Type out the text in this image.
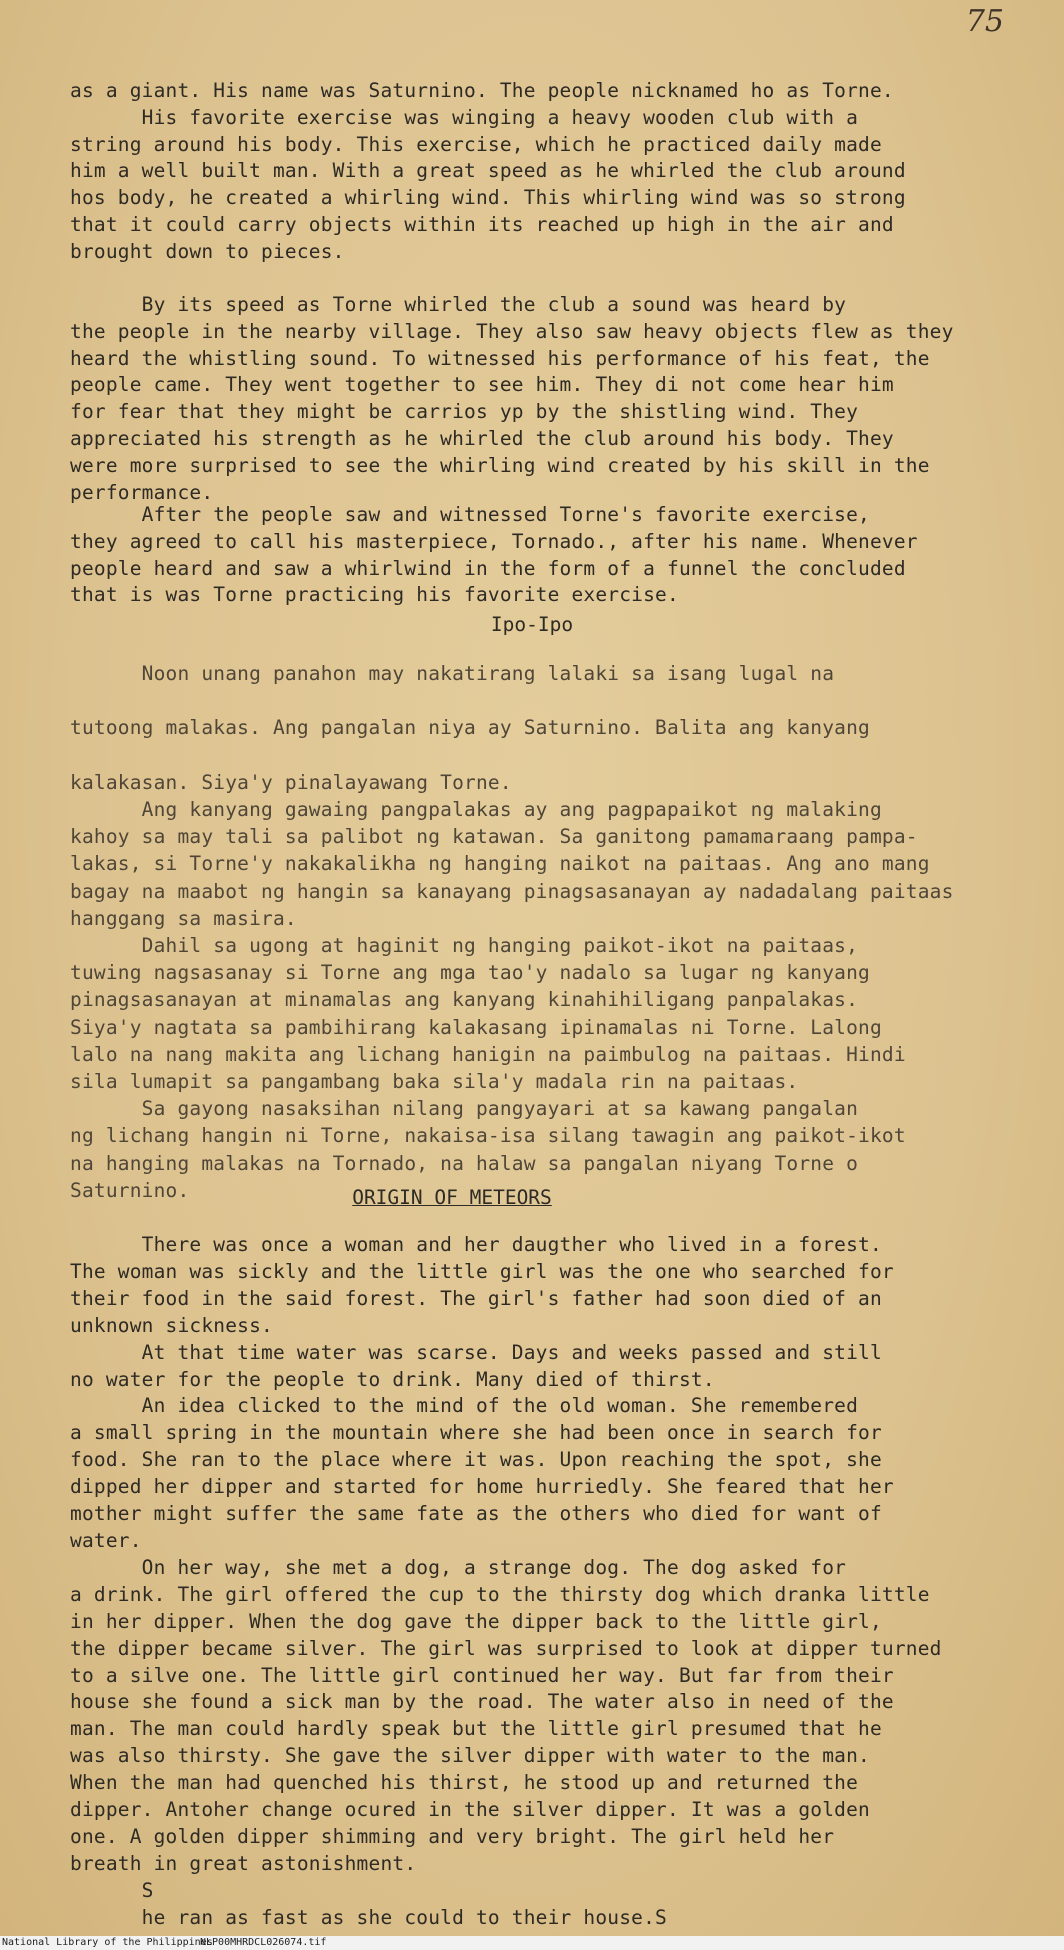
75
as a giant. His name was Saturnino. The people nicknamed ho as Torne.
His favorite exercise was winging a heavy wooden club with a
string around his body. This exercise, which he practiced daily made
him a well built man. With a great speed as he whirled the club around
hos body, he created a whirling wind. This whirling wind was so strong
that it could carry objects within its reached up high in the air and
brought down to pieces.
By its speed as Torne whirled the club a sound was heard by
the people in the nearby village. They also saw heavy objects flew as they
heard the whistling sound. To witnessed his performance of his feat, the
people came. They went together to see him. They di not come hear him
for fear that they might be carrios yp by the shistling wind. They
appreciated his strength as he whirled the club around his body. They
were more surprised to see the whirling wind created by his skill in the
performance.
After the people saw and witnessed Torne's favorite exercise,
they agreed to call his masterpiece, Tornado., after his name. Whenever
people heard and saw a whirlwind in the form of a funnel the concluded
that is was Torne practicing his favorite exercise.
Ipo-Ipo
Noon unang panahon may nakatirang lalaki sa isang lugal na

tutoong malakas. Ang pangalan niya ay Saturnino. Balita ang kanyang

kalakasan. Siya'y pinalayawang Torne.
Ang kanyang gawaing pangpalakas ay ang pagpapaikot ng malaking
kahoy sa may tali sa palibot ng katawan. Sa ganitong pamamaraang pampa-
lakas, si Torne'y nakakalikha ng hanging naikot na paitaas. Ang ano mang
bagay na maabot ng hangin sa kanayang pinagsasanayan ay nadadalang paitaas
hanggang sa masira.
Dahil sa ugong at haginit ng hanging paikot-ikot na paitaas,
tuwing nagsasanay si Torne ang mga tao'y nadalo sa lugar ng kanyang
pinagsasanayan at minamalas ang kanyang kinahihiligang panpalakas.
Siya'y nagtata sa pambihirang kalakasang ipinamalas ni Torne. Lalong
lalo na nang makita ang lichang hanigin na paimbulog na paitaas. Hindi
sila lumapit sa pangambang baka sila'y madala rin na paitaas.
Sa gayong nasaksihan nilang pangyayari at sa kawang pangalan
ng lichang hangin ni Torne, nakaisa-isa silang tawagin ang paikot-ikot
na hanging malakas na Tornado, na halaw sa pangalan niyang Torne o
Saturnino.	ORIGIN OF METEORS
There was once a woman and her daugther who lived in a forest.
The woman was sickly and the little girl was the one who searched for
their food in the said forest. The girl's father had soon died of an
unknown sickness.
At that time water was scarse. Days and weeks passed and still
no water for the people to drink. Many died of thirst.
An idea clicked to the mind of the old woman. She remembered
a small spring in the mountain where she had been once in search for
food. She ran to the place where it was. Upon reaching the spot, she
dipped her dipper and started for home hurriedly. She feared that her
mother might suffer the same fate as the others who died for want of
water.
On her way, she met a dog, a strange dog. The dog asked for
a drink. The girl offered the cup to the thirsty dog which dranka little
in her dipper. When the dog gave the dipper back to the little girl,
the dipper became silver. The girl was surprised to look at dipper turned
to a silve one. The little girl continued her way. But far from their
house she found a sick man by the road. The water also in need of the
man. The man could hardly speak but the little girl presumed that he
was also thirsty. She gave the silver dipper with water to the man.
When the man had quenched his thirst, he stood up and returned the
dipper. Antoher change ocured in the silver dipper. It was a golden
one. A golden dipper shimming and very bright. The girl held her
breath in great astonishment.
S
he ran as fast as she could to their house.S
National Library of the Philippines
NLP00MHRDCL026074.tif
